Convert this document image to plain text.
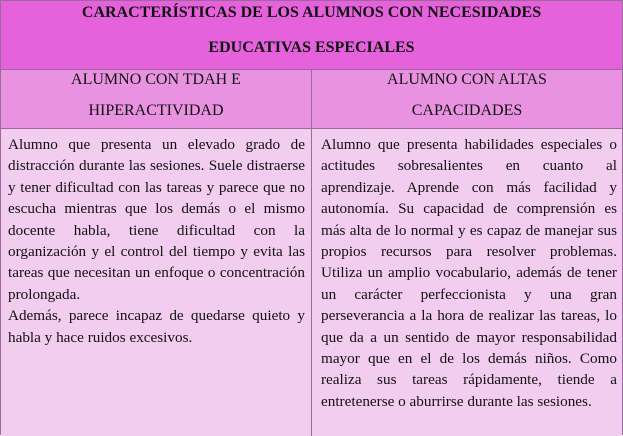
CARACTERÍSTICAS DE LOS ALUMNOS CON NECESIDADES
EDUCATIVAS ESPECIALES
ALUMNO CON TDAH E
HIPERACTIVIDAD
ALUMNO CON ALTAS
CAPACIDADES

Alumno que presenta un elevado grado de distracción durante las sesiones. Suele distraerse y tener dificultad con las tareas y parece que no escucha mientras que los demás o el mismo docente habla, tiene dificultad con la organización y el control del tiempo y evita las tareas que necesitan un enfoque o concentración prolongada.

Además, parece incapaz de quedarse quieto y habla y hace ruidos excesivos.

Alumno que presenta habilidades especiales o actitudes sobresalientes en cuanto al aprendizaje. Aprende con más facilidad y autonomía. Su capacidad de comprensión es más alta de lo normal y es capaz de manejar sus propios recursos para resolver problemas. Utiliza un amplio vocabulario, además de tener un carácter perfeccionista y una gran perseverancia a la hora de realizar las tareas, lo que da a un sentido de mayor responsabilidad mayor que en el de los demás niños. Como realiza sus tareas rápidamente, tiende a entretenerse o aburrirse durante las sesiones.
